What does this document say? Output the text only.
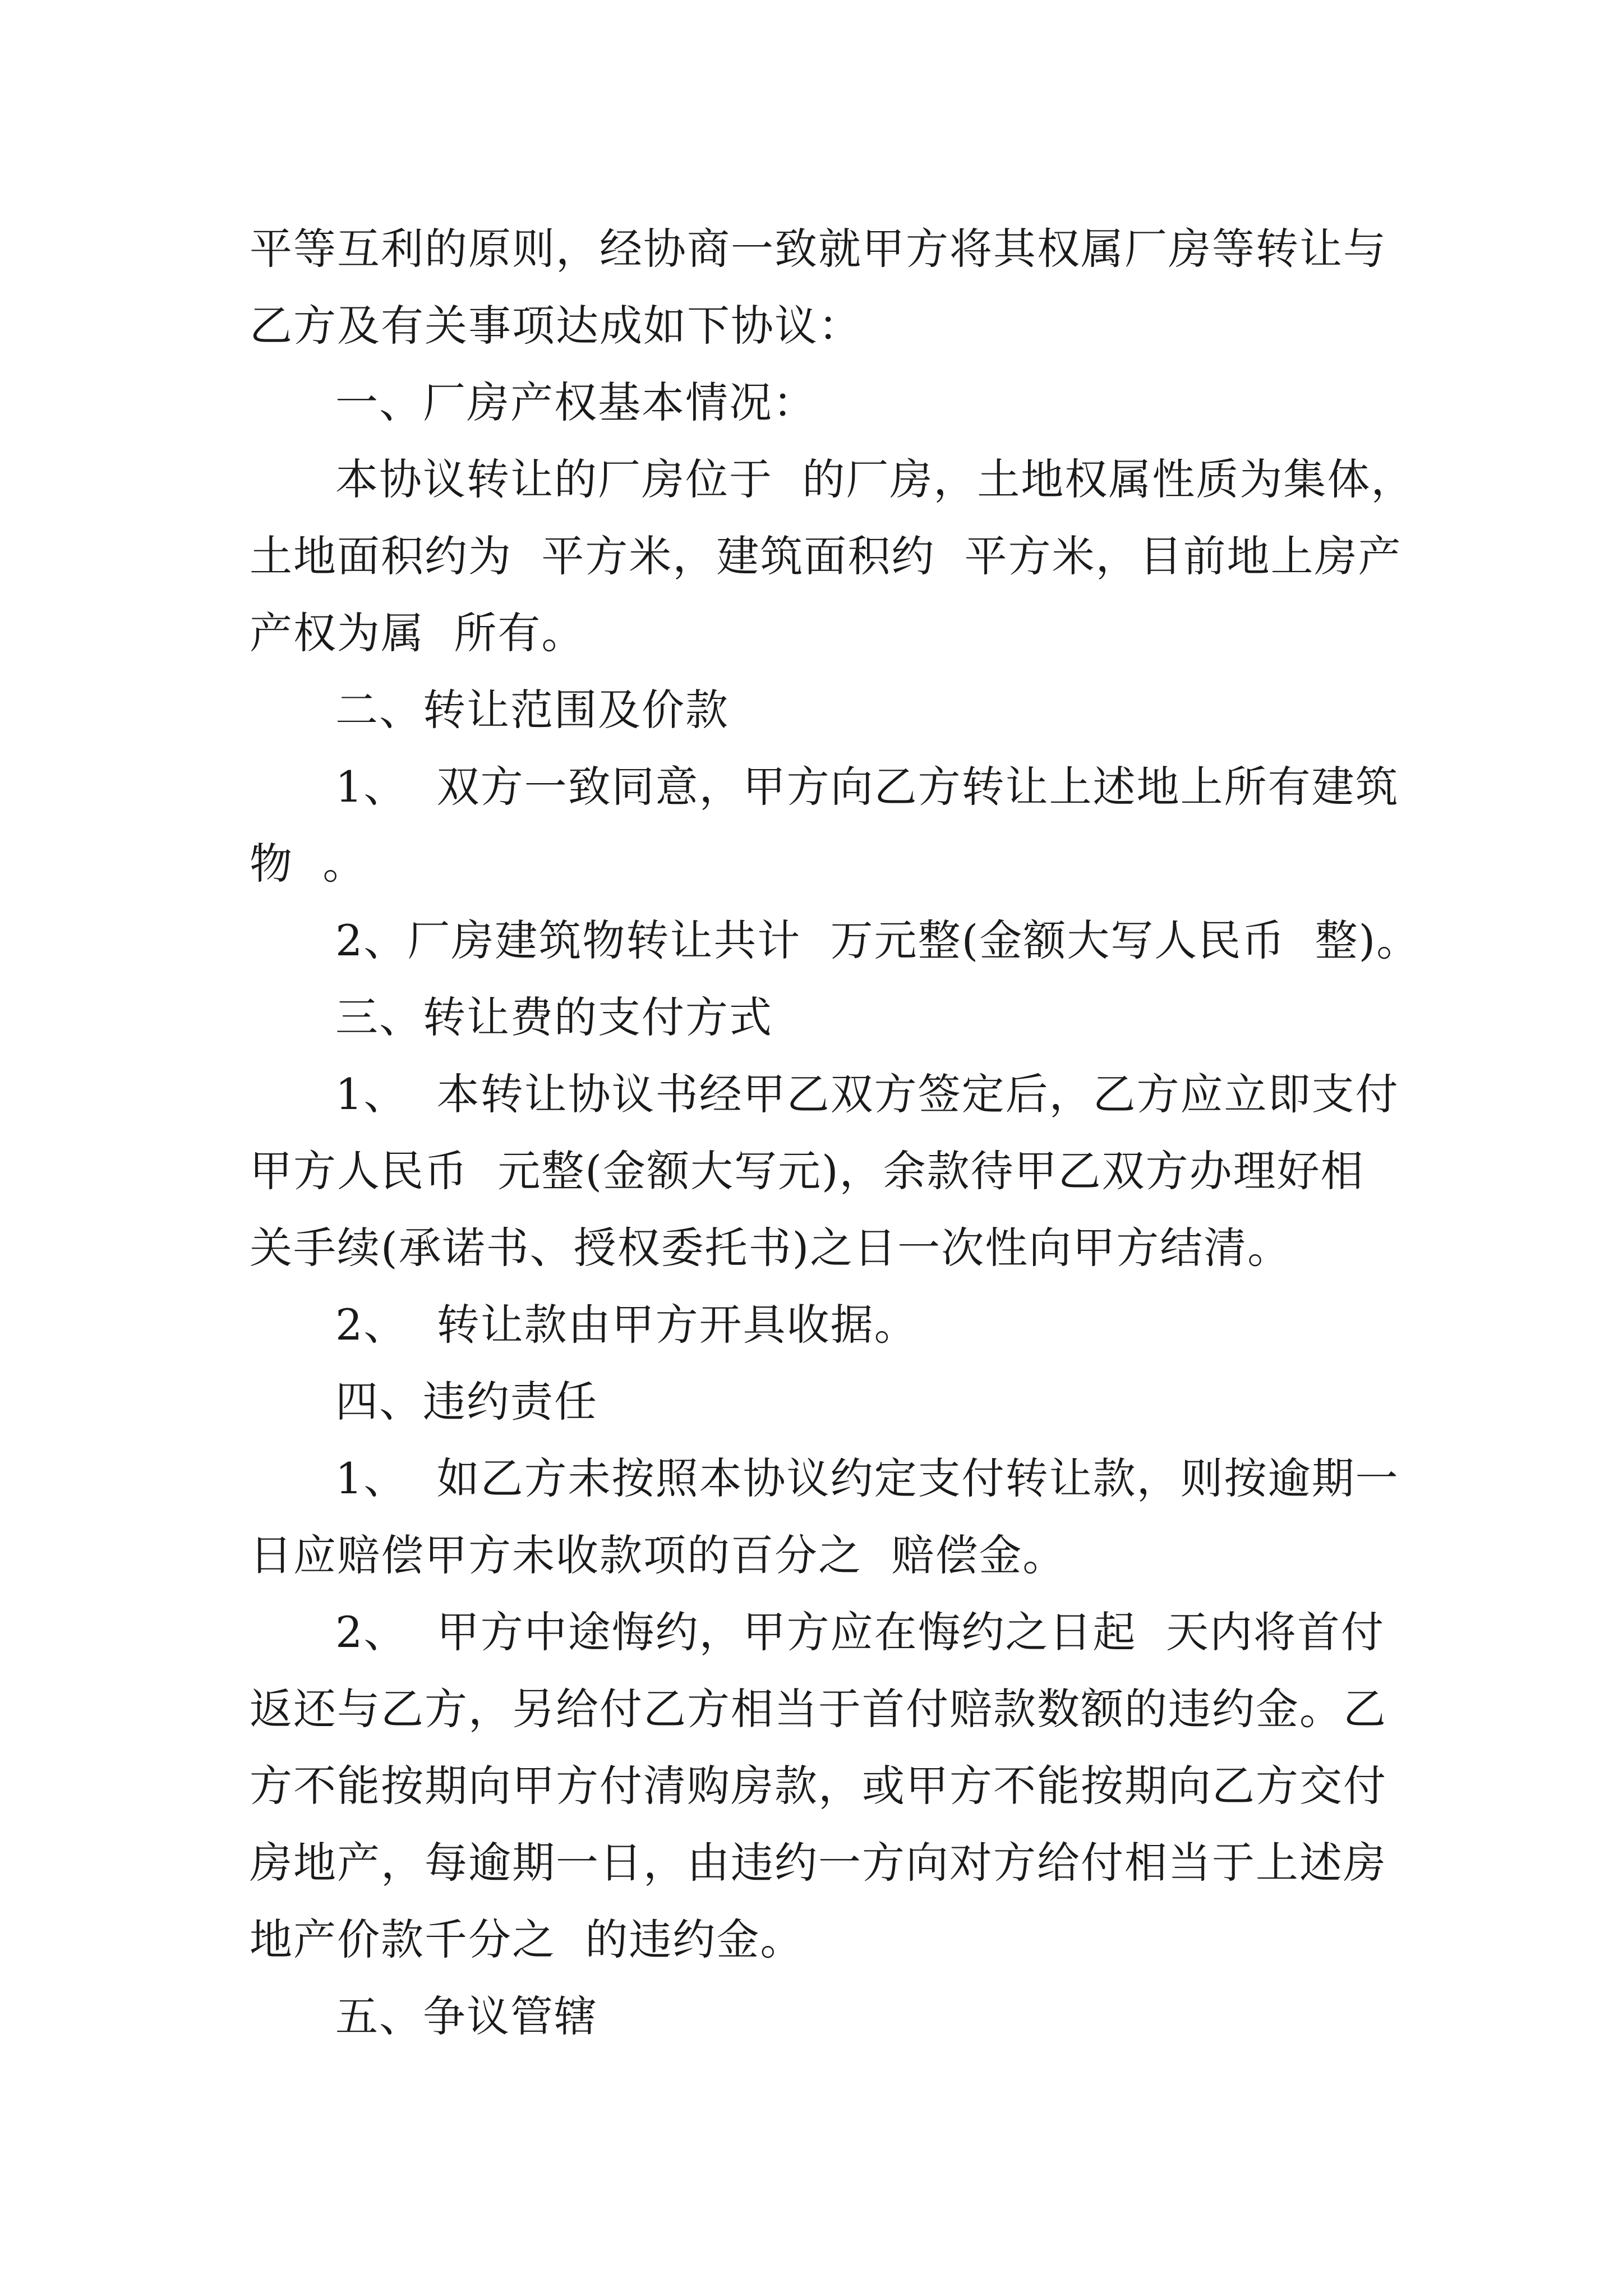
平等互利的原则，经协商一致就甲方将其权属厂房等转让与
乙方及有关事项达成如下协议：
一、厂房产权基本情况：
本协议转让的厂房位于  的厂房，土地权属性质为集体，
土地面积约为  平方米，建筑面积约  平方米，目前地上房产
产权为属  所有。
二、转让范围及价款
1、  双方一致同意，甲方向乙方转让上述地上所有建筑
物  。
2、厂房建筑物转让共计  万元整(金额大写人民币  整)。
三、转让费的支付方式
1、  本转让协议书经甲乙双方签定后，乙方应立即支付
甲方人民币  元整(金额大写元)，余款待甲乙双方办理好相
关手续(承诺书、授权委托书)之日一次性向甲方结清。
2、  转让款由甲方开具收据。
四、违约责任
1、  如乙方未按照本协议约定支付转让款，则按逾期一
日应赔偿甲方未收款项的百分之  赔偿金。
2、  甲方中途悔约，甲方应在悔约之日起  天内将首付
返还与乙方，另给付乙方相当于首付赔款数额的违约金。乙
方不能按期向甲方付清购房款，或甲方不能按期向乙方交付
房地产，每逾期一日，由违约一方向对方给付相当于上述房
地产价款千分之  的违约金。
五、争议管辖
